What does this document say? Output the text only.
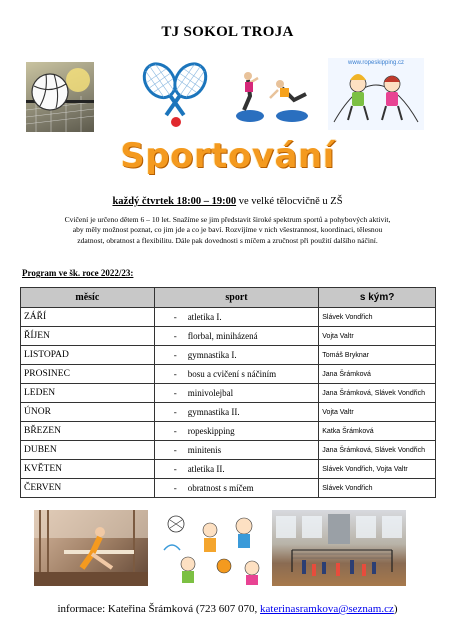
TJ SOKOL TROJA
www.ropeskipping.cz
Sportování
každý čtvrtek 18:00 – 19:00 ve velké tělocvičně u ZŠ
Cvičení je určeno dětem 6 – 10 let. Snažíme se jim představit široké spektrum sportů a pohybových aktivit,
aby měly možnost poznat, co jim jde a co je baví. Rozvíjíme v nich všestrannost, koordinaci, tělesnou
zdatnost, obratnost a flexibilitu. Dále pak dovednosti s míčem a zručnost při použití dalšího náčiní.
Program ve šk. roce 2022/23:
měsíc	sport	s kým?
ZÁŘÍ	- atletika I.	Slávek Vondřich
ŘÍJEN	- florbal, miniházená	Vojta Valtr
LISTOPAD	- gymnastika I.	Tomáš Bryknar
PROSINEC	- bosu a cvičení s náčiním	Jana Šrámková
LEDEN	- minivolejbal	Jana Šrámková, Slávek Vondřich
ÚNOR	- gymnastika II.	Vojta Valtr
BŘEZEN	- ropeskipping	Katka Šrámková
DUBEN	- minitenis	Jana Šrámková, Slávek Vondřich
KVĚTEN	- atletika II.	Slávek Vondřich, Vojta Valtr
ČERVEN	- obratnost s míčem	Slávek Vondřich
informace: Kateřina Šrámková (723 607 070, katerinasramkova@seznam.cz)
